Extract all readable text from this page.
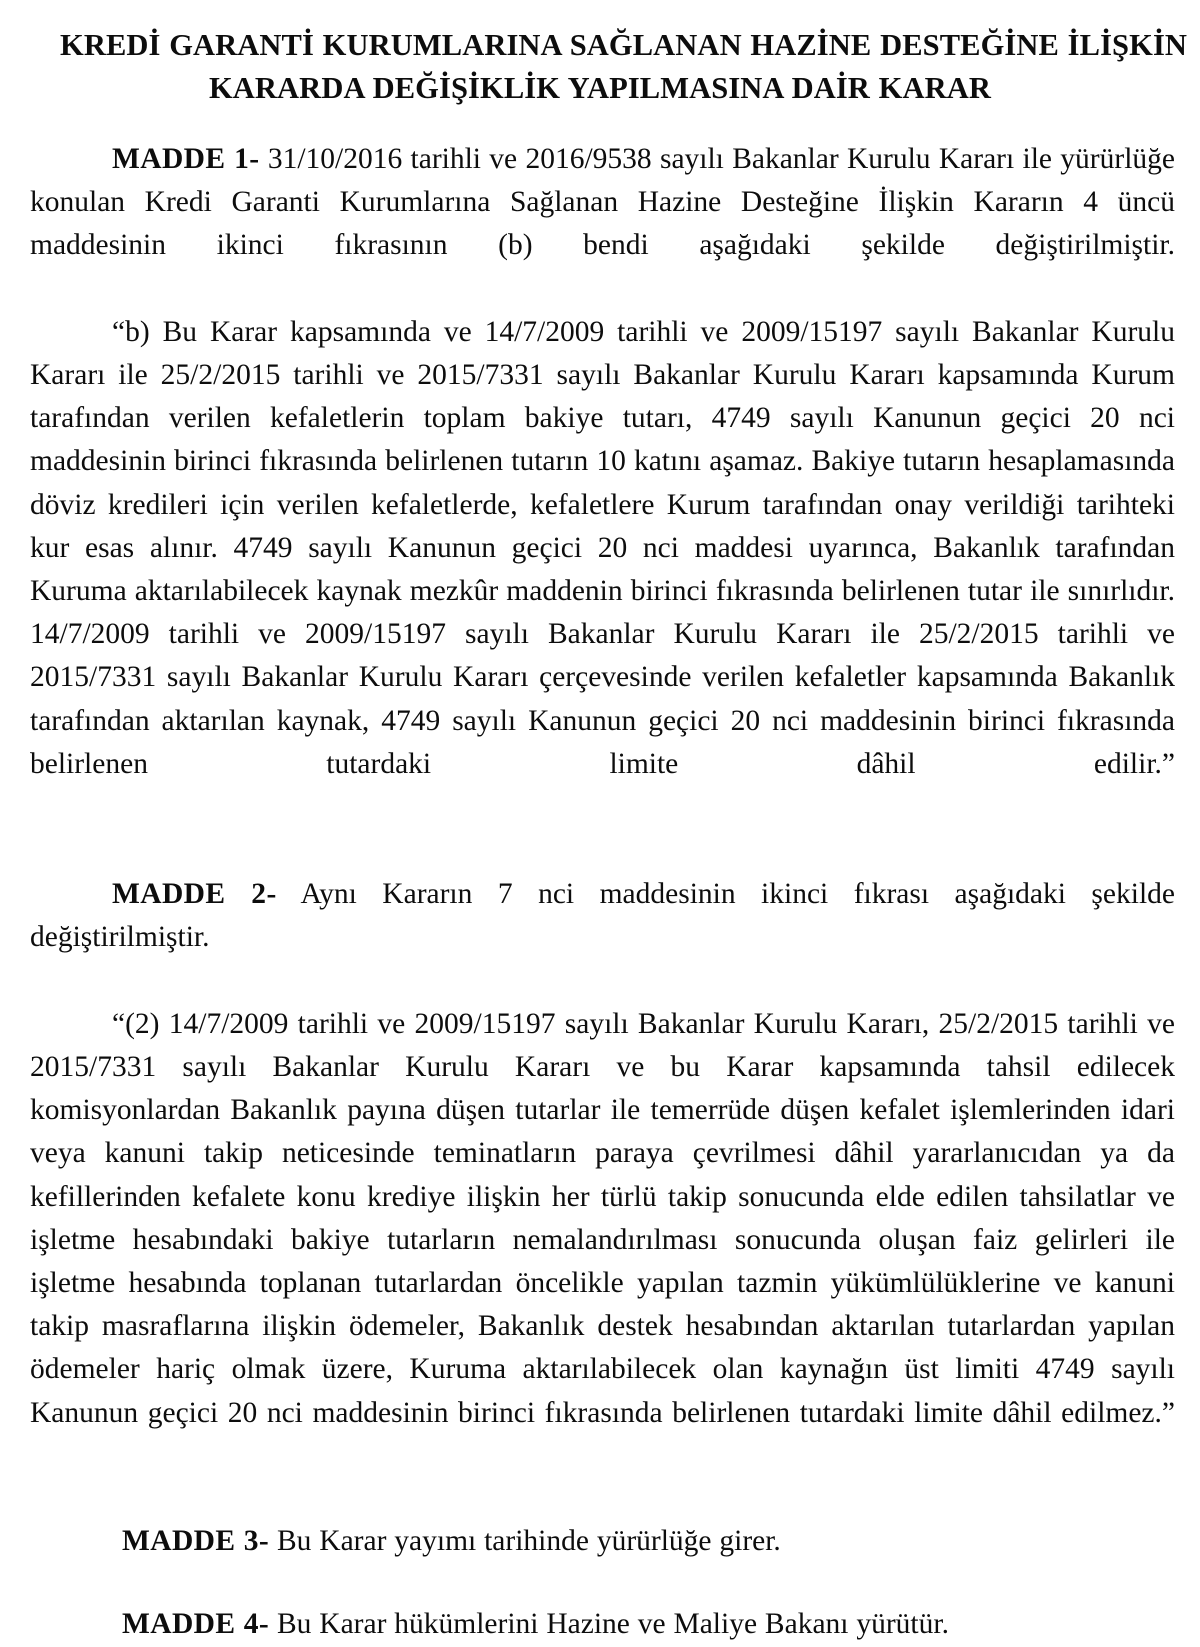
KREDİ GARANTİ KURUMLARINA SAĞLANAN HAZİNE DESTEĞİNE İLİŞKİN
KARARDA DEĞİŞİKLİK YAPILMASINA DAİR KARAR

MADDE 1- 31/10/2016 tarihli ve 2016/9538 sayılı Bakanlar Kurulu Kararı ile yürürlüğe konulan Kredi Garanti Kurumlarına Sağlanan Hazine Desteğine İlişkin Kararın 4 üncü maddesinin ikinci fıkrasının (b) bendi aşağıdaki şekilde değiştirilmiştir.

“b) Bu Karar kapsamında ve 14/7/2009 tarihli ve 2009/15197 sayılı Bakanlar Kurulu Kararı ile 25/2/2015 tarihli ve 2015/7331 sayılı Bakanlar Kurulu Kararı kapsamında Kurum tarafından verilen kefaletlerin toplam bakiye tutarı, 4749 sayılı Kanunun geçici 20 nci maddesinin birinci fıkrasında belirlenen tutarın 10 katını aşamaz. Bakiye tutarın hesaplamasında döviz kredileri için verilen kefaletlerde, kefaletlere Kurum tarafından onay verildiği tarihteki kur esas alınır. 4749 sayılı Kanunun geçici 20 nci maddesi uyarınca, Bakanlık tarafından Kuruma aktarılabilecek kaynak mezkûr maddenin birinci fıkrasında belirlenen tutar ile sınırlıdır. 14/7/2009 tarihli ve 2009/15197 sayılı Bakanlar Kurulu Kararı ile 25/2/2015 tarihli ve 2015/7331 sayılı Bakanlar Kurulu Kararı çerçevesinde verilen kefaletler kapsamında Bakanlık tarafından aktarılan kaynak, 4749 sayılı Kanunun geçici 20 nci maddesinin birinci fıkrasında belirlenen tutardaki limite dâhil edilir.”

MADDE 2- Aynı Kararın 7 nci maddesinin ikinci fıkrası aşağıdaki şekilde değiştirilmiştir.

“(2) 14/7/2009 tarihli ve 2009/15197 sayılı Bakanlar Kurulu Kararı, 25/2/2015 tarihli ve 2015/7331 sayılı Bakanlar Kurulu Kararı ve bu Karar kapsamında tahsil edilecek komisyonlardan Bakanlık payına düşen tutarlar ile temerrüde düşen kefalet işlemlerinden idari veya kanuni takip neticesinde teminatların paraya çevrilmesi dâhil yararlanıcıdan ya da kefillerinden kefalete konu krediye ilişkin her türlü takip sonucunda elde edilen tahsilatlar ve işletme hesabındaki bakiye tutarların nemalandırılması sonucunda oluşan faiz gelirleri ile işletme hesabında toplanan tutarlardan öncelikle yapılan tazmin yükümlülüklerine ve kanuni takip masraflarına ilişkin ödemeler, Bakanlık destek hesabından aktarılan tutarlardan yapılan ödemeler hariç olmak üzere, Kuruma aktarılabilecek olan kaynağın üst limiti 4749 sayılı Kanunun geçici 20 nci maddesinin birinci fıkrasında belirlenen tutardaki limite dâhil edilmez.”

MADDE 3- Bu Karar yayımı tarihinde yürürlüğe girer.

MADDE 4- Bu Karar hükümlerini Hazine ve Maliye Bakanı yürütür.
